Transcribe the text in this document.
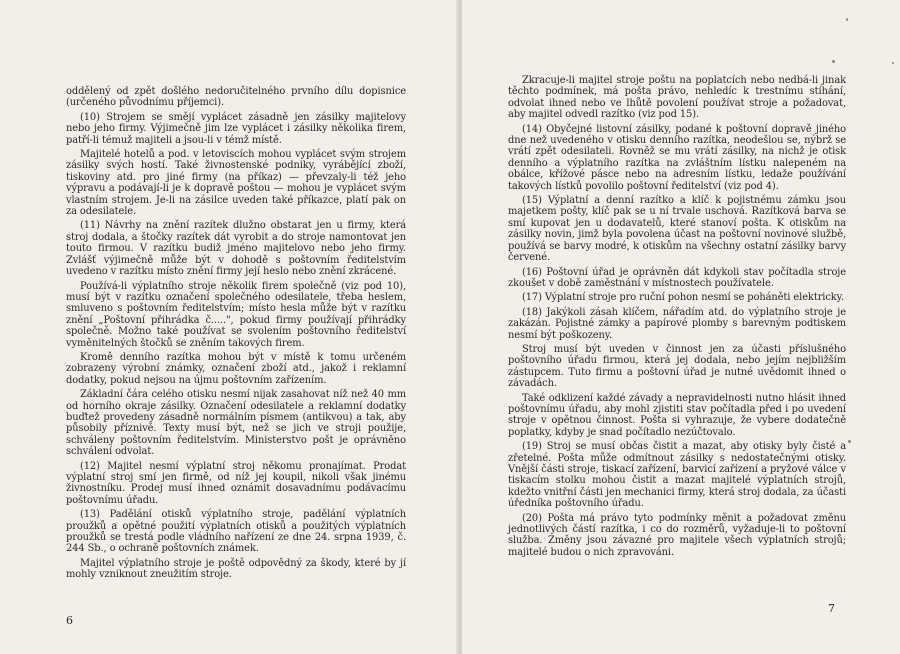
oddělený od zpět došlého nedoručitelného prvního dílu dopisnice (určeného původnímu příjemci).

(10) Strojem se smějí vyplácet zásadně jen zásilky majitelovy nebo jeho firmy. Výjimečně jim lze vyplácet i zásilky několika firem, patří-li témuž majiteli a jsou-li v témž místě.

Majitelé hotelů a pod. v letoviscích mohou vyplácet svým strojem zásilky svých hostí. Také živnostenské podniky, vyrábějící zboží, tiskoviny atd. pro jiné firmy (na příkaz) — převzaly-li též jeho výpravu a podávají-li je k dopravě poštou — mohou je vyplácet svým vlastním strojem. Je-li na zásilce uveden také příkazce, platí pak on za odesilatele.

(11) Návrhy na znění razítek dlužno obstarat jen u firmy, která stroj dodala, a štočky razítek dát vyrobit a do stroje namontovat jen touto firmou. V razítku budiž jméno majitelovo nebo jeho firmy. Zvlášť výjimečně může být v dohodě s poštovním ředitelstvím uvedeno v razítku místo znění firmy její heslo nebo znění zkrácené.

Používá-li výplatního stroje několik firem společně (viz pod 10), musí být v razítku označení společného odesilatele, třeba heslem, smluveno s poštovním ředitelstvím; místo hesla může být v razítku znění „Poštovní přihrádka č.....", pokud firmy používají přihrádky společně. Možno také používat se svolením poštovního ředitelství vyměnitelných štočků se zněním takových firem.

Kromě denního razítka mohou být v místě k tomu určeném zobrazeny výrobní známky, označení zboží atd., jakož i reklamní dodatky, pokud nejsou na újmu poštovním zařízením.

Základní čára celého otisku nesmí nijak zasahovat níž než 40 mm od horního okraje zásilky. Označení odesilatele a reklamní dodatky buďtež provedeny zásadně normálním písmem (antikvou) a tak, aby působily příznivě. Texty musí být, než se jich ve stroji použije, schváleny poštovním ředitelstvím. Ministerstvo pošt je oprávněno schválení odvolat.

(12) Majitel nesmí výplatní stroj někomu pronajímat. Prodat výplatní stroj smí jen firmě, od níž jej koupil, nikoli však jinému živnostníku. Prodej musí ihned oznámit dosavadnímu podávacímu poštovnímu úřadu.

(13) Padělání otisků výplatního stroje, padělání výplatních proužků a opětné použití výplatních otisků a použitých výplatních proužků se trestá podle vládního nařízení ze dne 24. srpna 1939, č. 244 Sb., o ochraně poštovních známek.

Majitel výplatního stroje je poště odpovědný za škody, které by jí mohly vzniknout zneužitím stroje.

6

Zkracuje-li majitel stroje poštu na poplatcích nebo nedbá-li jinak těchto podmínek, má pošta právo, nehledíc k trestnímu stíhání, odvolat ihned nebo ve lhůtě povolení používat stroje a požadovat, aby majitel odvedl razítko (viz pod 15).

(14) Obyčejné listovní zásilky, podané k poštovní dopravě jiného dne než uvedeného v otisku denního razítka, neodešlou se, nýbrž se vrátí zpět odesilateli. Rovněž se mu vrátí zásilky, na nichž je otisk denního a výplatního razítka na zvláštním lístku nalepeném na obálce, křížové pásce nebo na adresním lístku, ledaže používání takových lístků povolilo poštovní ředitelství (viz pod 4).

(15) Výplatní a denní razítko a klíč k pojistnému zámku jsou majetkem pošty, klíč pak se u ní trvale uschová. Razítková barva se smí kupovat jen u dodavatelů, které stanoví pošta. K otiskům na zásilky novin, jimž byla povolena účast na poštovní novinové službě, používá se barvy modré, k otiskům na všechny ostatní zásilky barvy červené.

(16) Poštovní úřad je oprávněn dát kdykoli stav počítadla stroje zkoušet v době zaměstnání v místnostech používatele.

(17) Výplatní stroje pro ruční pohon nesmí se poháněti elektricky.

(18) Jakýkoli zásah klíčem, nářadím atd. do výplatního stroje je zakázán. Pojistné zámky a papírové plomby s barevným podtiskem nesmí být poškozeny.

Stroj musí být uveden v činnost jen za účasti příslušného poštovního úřadu firmou, která jej dodala, nebo jejím nejbližším zástupcem. Tuto firmu a poštovní úřad je nutné uvědomit ihned o závadách.

Také odklizení každé závady a nepravidelnosti nutno hlásit ihned poštovnímu úřadu, aby mohl zjistiti stav počítadla před i po uvedení stroje v opětnou činnost. Pošta si vyhrazuje, že vybere dodatečně poplatky, kdyby je snad počítadlo nezúčtovalo.

(19) Stroj se musí občas čistit a mazat, aby otisky byly čisté a zřetelné. Pošta může odmítnout zásilky s nedostatečnými otisky. Vnější části stroje, tiskací zařízení, barvicí zařízení a pryžové válce v tiskacím stolku mohou čistit a mazat majitelé výplatních strojů, kdežto vnitřní části jen mechanici firmy, která stroj dodala, za účasti úředníka poštovního úřadu.

(20) Pošta má právo tyto podmínky měnit a požadovat změnu jednotlivých částí razítka, i co do rozměrů, vyžaduje-li to poštovní služba. Změny jsou závazné pro majitele všech výplatních strojů; majitelé budou o nich zpravováni.

7
